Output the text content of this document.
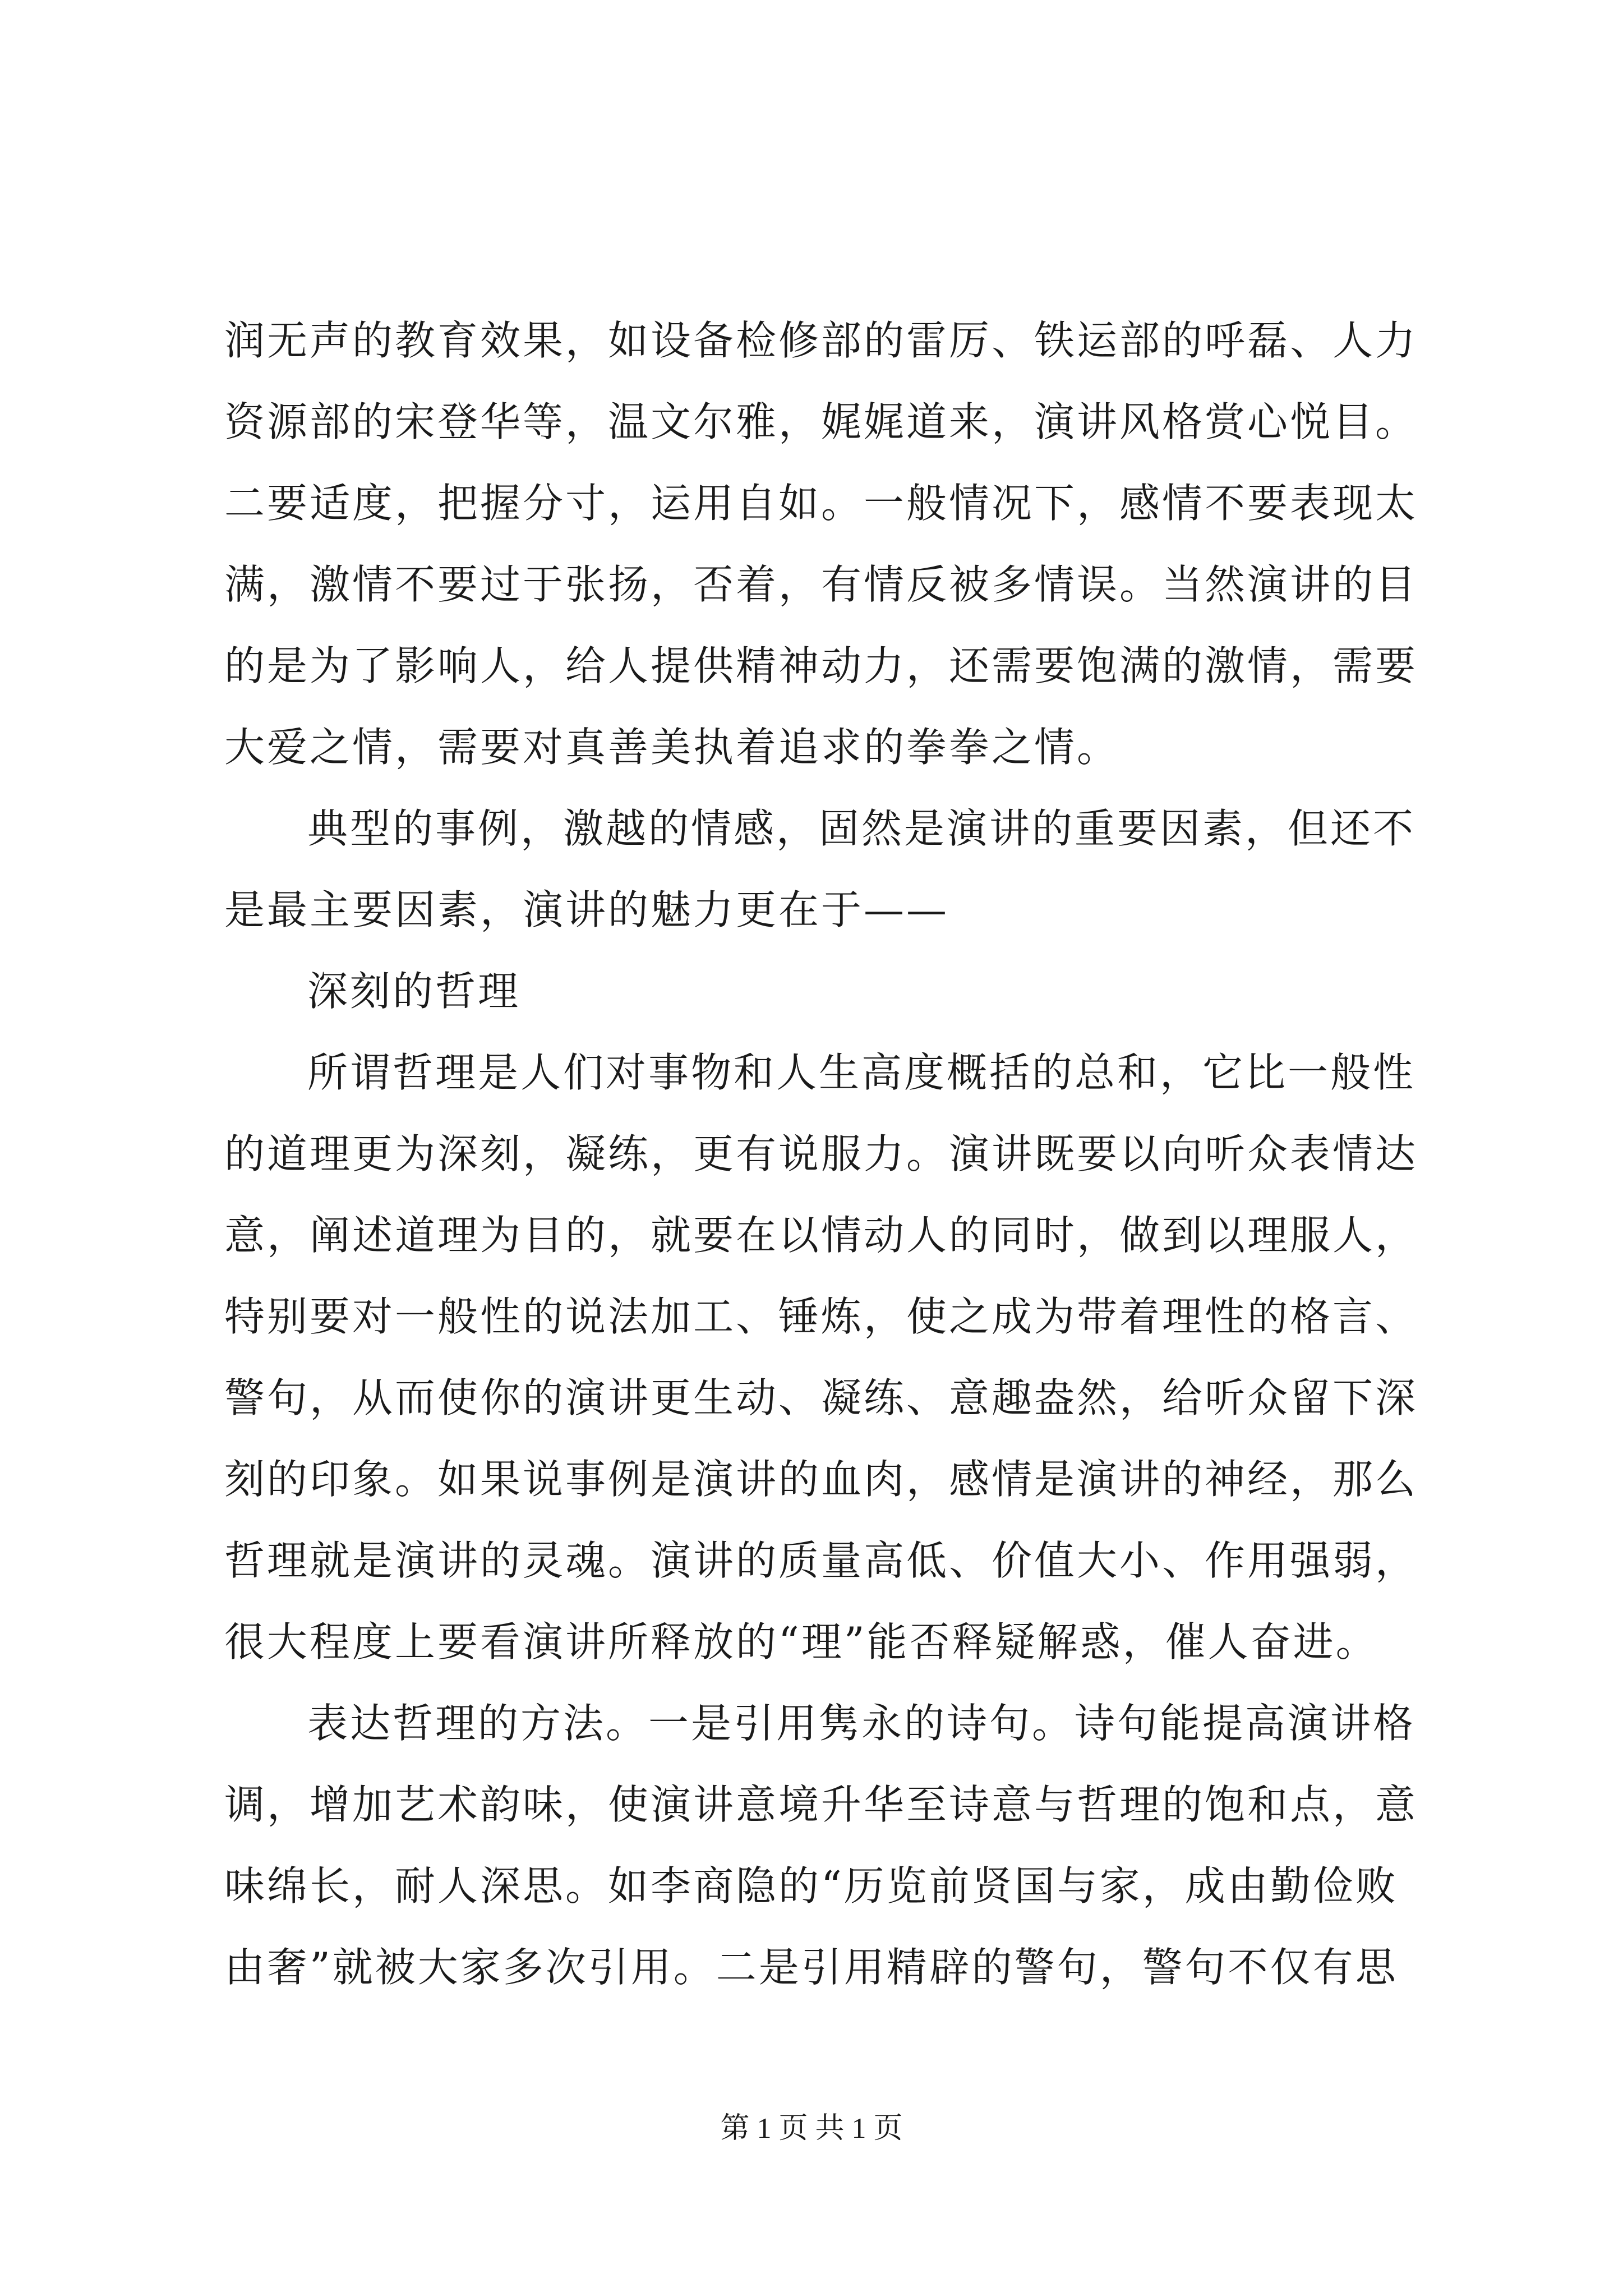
润无声的教育效果，如设备检修部的雷厉、铁运部的呼磊、人力
资源部的宋登华等，温文尔雅，娓娓道来，演讲风格赏心悦目。
二要适度，把握分寸，运用自如。一般情况下，感情不要表现太
满，激情不要过于张扬，否着，有情反被多情误。当然演讲的目
的是为了影响人，给人提供精神动力，还需要饱满的激情，需要
大爱之情，需要对真善美执着追求的拳拳之情。
典型的事例，激越的情感，固然是演讲的重要因素，但还不
是最主要因素，演讲的魅力更在于——
深刻的哲理
所谓哲理是人们对事物和人生高度概括的总和，它比一般性
的道理更为深刻，凝练，更有说服力。演讲既要以向听众表情达
意，阐述道理为目的，就要在以情动人的同时，做到以理服人，
特别要对一般性的说法加工、锤炼，使之成为带着理性的格言、
警句，从而使你的演讲更生动、凝练、意趣盎然，给听众留下深
刻的印象。如果说事例是演讲的血肉，感情是演讲的神经，那么
哲理就是演讲的灵魂。演讲的质量高低、价值大小、作用强弱，
很大程度上要看演讲所释放的“理”能否释疑解惑，催人奋进。
表达哲理的方法。一是引用隽永的诗句。诗句能提高演讲格
调，增加艺术韵味，使演讲意境升华至诗意与哲理的饱和点，意
味绵长，耐人深思。如李商隐的“历览前贤国与家，成由勤俭败
由奢”就被大家多次引用。二是引用精辟的警句，警句不仅有思
第 1 页 共 1 页
